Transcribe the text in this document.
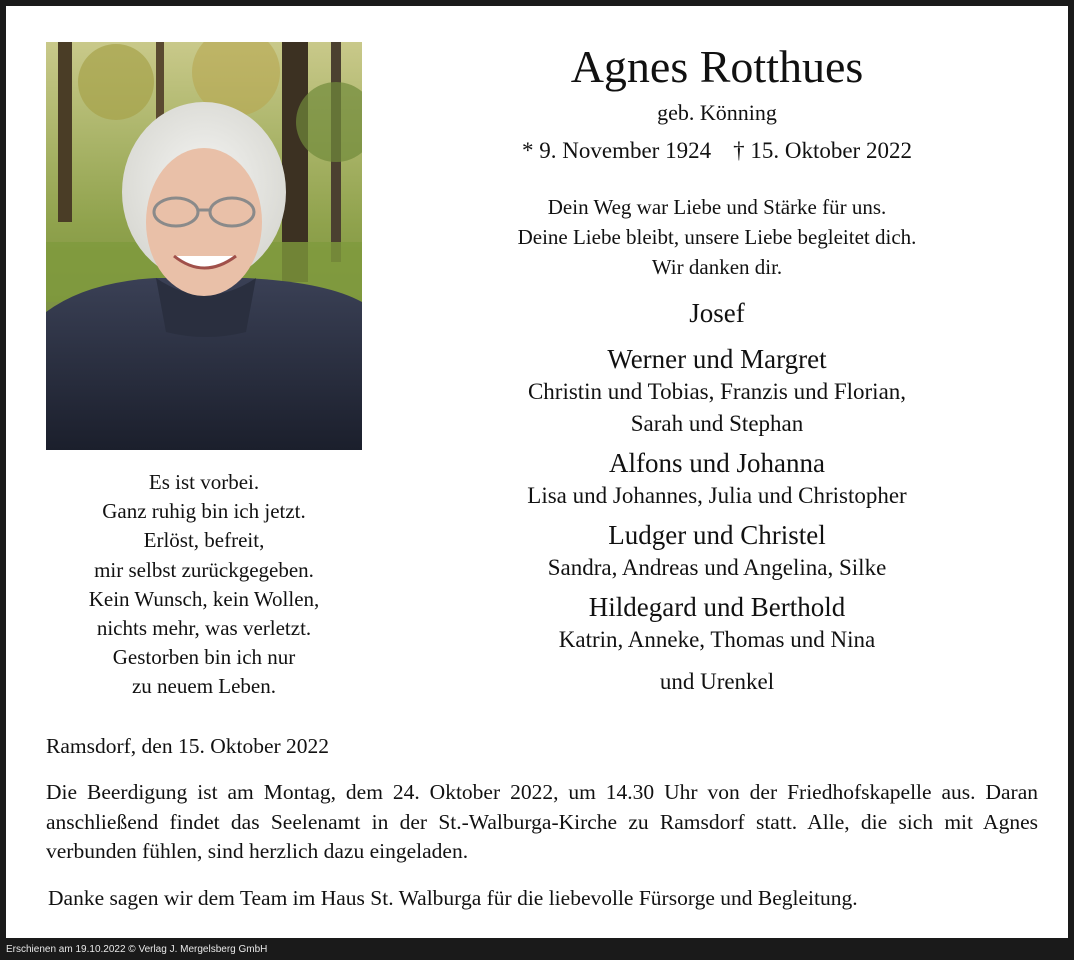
Agnes Rotthues
geb. Könning
* 9. November 1924 † 15. Oktober 2022
Dein Weg war Liebe und Stärke für uns.
Deine Liebe bleibt, unsere Liebe begleitet dich.
Wir danken dir.
Josef
Werner und Margret
Christin und Tobias, Franzis und Florian,
Sarah und Stephan
Alfons und Johanna
Lisa und Johannes, Julia und Christopher
Ludger und Christel
Sandra, Andreas und Angelina, Silke
Hildegard und Berthold
Katrin, Anneke, Thomas und Nina
und Urenkel
Es ist vorbei.
Ganz ruhig bin ich jetzt.
Erlöst, befreit,
mir selbst zurückgegeben.
Kein Wunsch, kein Wollen,
nichts mehr, was verletzt.
Gestorben bin ich nur
zu neuem Leben.
Ramsdorf, den 15. Oktober 2022
Die Beerdigung ist am Montag, dem 24. Oktober 2022, um 14.30 Uhr von der Friedhofskapelle aus. Daran anschließend findet das Seelenamt in der St.-Walburga-Kirche zu Ramsdorf statt. Alle, die sich mit Agnes verbunden fühlen, sind herzlich dazu eingeladen.
Danke sagen wir dem Team im Haus St. Walburga für die liebevolle Fürsorge und Begleitung.
Erschienen am 19.10.2022 © Verlag J. Mergelsberg GmbH
